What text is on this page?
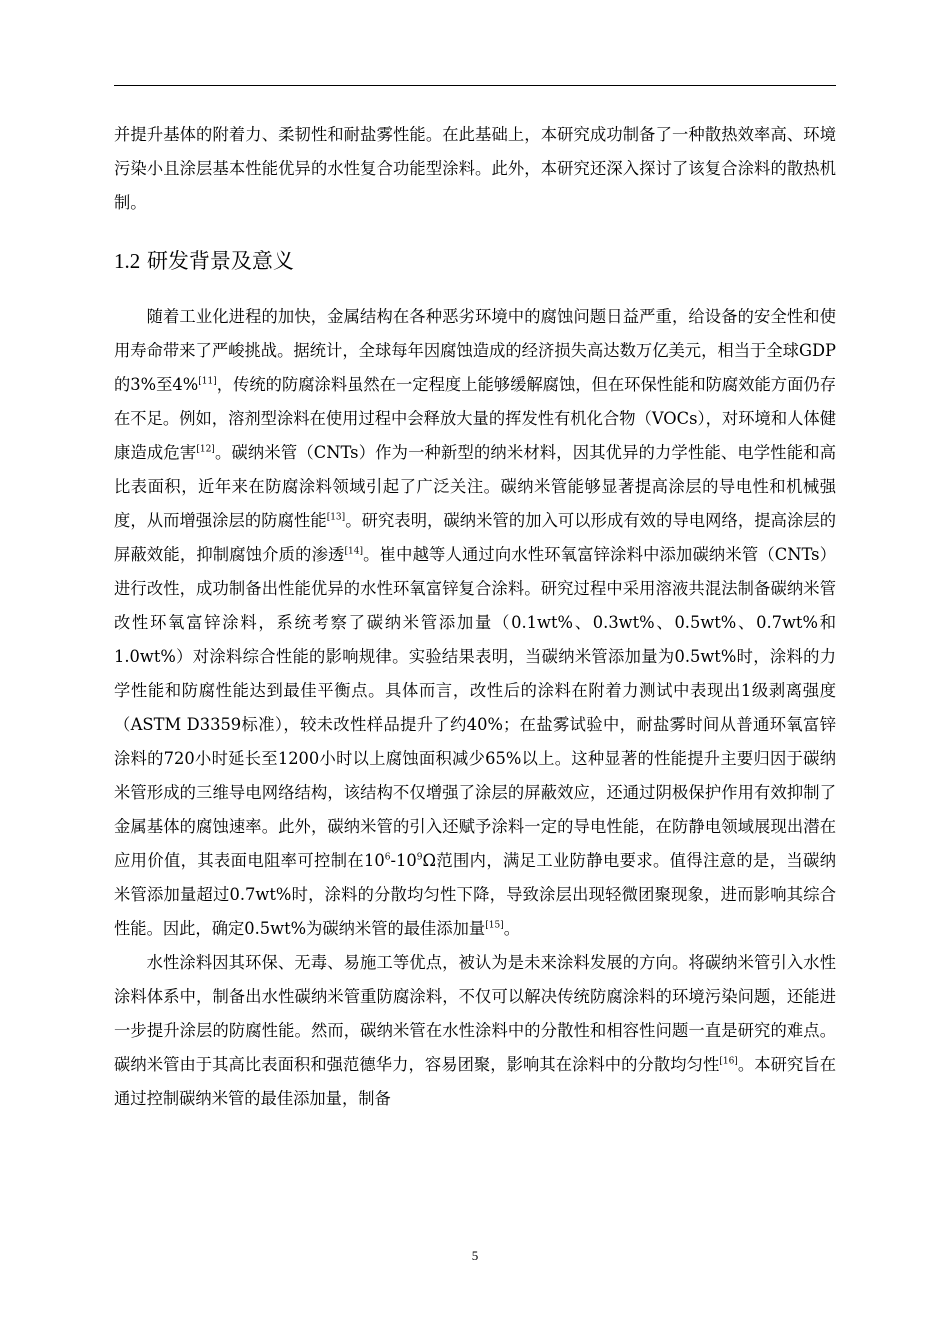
并提升基体的附着力、柔韧性和耐盐雾性能。在此基础上，本研究成功制备了一种散热效率高、环境污染小且涂层基本性能优异的水性复合功能型涂料。此外，本研究还深入探讨了该复合涂料的散热机制。

1.2 研发背景及意义

随着工业化进程的加快，金属结构在各种恶劣环境中的腐蚀问题日益严重，给设备的安全性和使用寿命带来了严峻挑战。据统计，全球每年因腐蚀造成的经济损失高达数万亿美元，相当于全球GDP的3%至4%[11]，传统的防腐涂料虽然在一定程度上能够缓解腐蚀，但在环保性能和防腐效能方面仍存在不足。例如，溶剂型涂料在使用过程中会释放大量的挥发性有机化合物（VOCs），对环境和人体健康造成危害[12]。碳纳米管（CNTs）作为一种新型的纳米材料，因其优异的力学性能、电学性能和高比表面积，近年来在防腐涂料领域引起了广泛关注。碳纳米管能够显著提高涂层的导电性和机械强度，从而增强涂层的防腐性能[13]。研究表明，碳纳米管的加入可以形成有效的导电网络，提高涂层的屏蔽效能，抑制腐蚀介质的渗透[14]。崔中越等人通过向水性环氧富锌涂料中添加碳纳米管（CNTs）进行改性，成功制备出性能优异的水性环氧富锌复合涂料。研究过程中采用溶液共混法制备碳纳米管改性环氧富锌涂料，系统考察了碳纳米管添加量（0.1wt%、0.3wt%、0.5wt%、0.7wt%和1.0wt%）对涂料综合性能的影响规律。实验结果表明，当碳纳米管添加量为0.5wt%时，涂料的力学性能和防腐性能达到最佳平衡点。具体而言，改性后的涂料在附着力测试中表现出1级剥离强度（ASTM D3359标准），较未改性样品提升了约40%；在盐雾试验中，耐盐雾时间从普通环氧富锌涂料的720小时延长至1200小时以上腐蚀面积减少65%以上。这种显著的性能提升主要归因于碳纳米管形成的三维导电网络结构，该结构不仅增强了涂层的屏蔽效应，还通过阴极保护作用有效抑制了金属基体的腐蚀速率。此外，碳纳米管的引入还赋予涂料一定的导电性能，在防静电领域展现出潜在应用价值，其表面电阻率可控制在$10^6-10^9\Omega$范围内，满足工业防静电要求。值得注意的是，当碳纳米管添加量超过0.7wt%时，涂料的分散均匀性下降，导致涂层出现轻微团聚现象，进而影响其综合性能。因此，确定0.5wt%为碳纳米管的最佳添加量[15]。

水性涂料因其环保、无毒、易施工等优点，被认为是未来涂料发展的方向。将碳纳米管引入水性涂料体系中，制备出水性碳纳米管重防腐涂料，不仅可以解决传统防腐涂料的环境污染问题，还能进一步提升涂层的防腐性能。然而，碳纳米管在水性涂料中的分散性和相容性问题一直是研究的难点。碳纳米管由于其高比表面积和强范德华力，容易团聚，影响其在涂料中的分散均匀性[16]。本研究旨在通过控制碳纳米管的最佳添加量，制备

5
